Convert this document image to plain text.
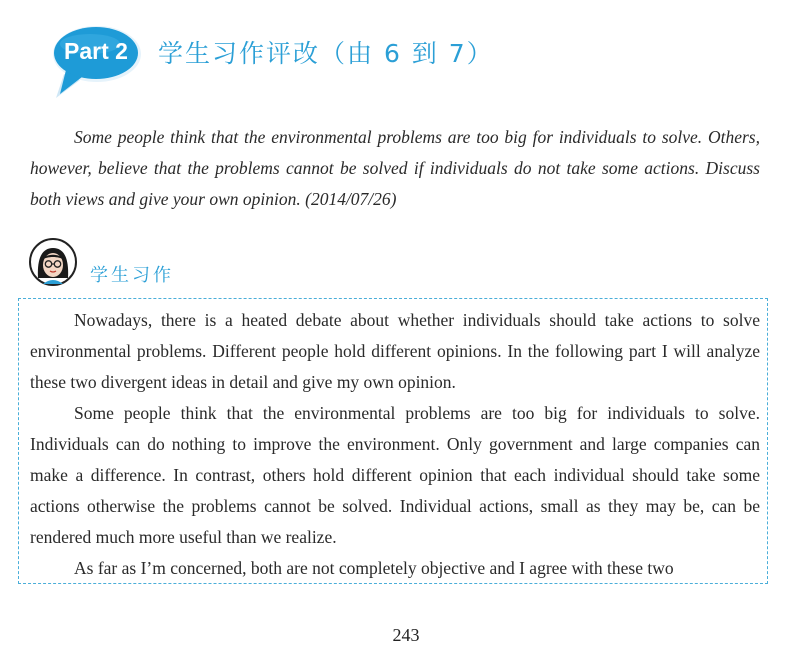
Part 2	学生习作评改（由 6 到 7）
Some people think that the environmental problems are too big for individuals to solve. Others, however, believe that the problems cannot be solved if individuals do not take some actions. Discuss both views and give your own opinion. (2014/07/26)
学生习作

Nowadays, there is a heated debate about whether individuals should take actions to solve environmental problems. Different people hold different opinions. In the following part I will analyze these two divergent ideas in detail and give my own opinion.

Some people think that the environmental problems are too big for individuals to solve. Individuals can do nothing to improve the environment. Only government and large companies can make a difference. In contrast, others hold different opinion that each individual should take some actions otherwise the problems cannot be solved. Individual actions, small as they may be, can be rendered much more useful than we realize.

As far as I’m concerned, both are not completely objective and I agree with these two

243
